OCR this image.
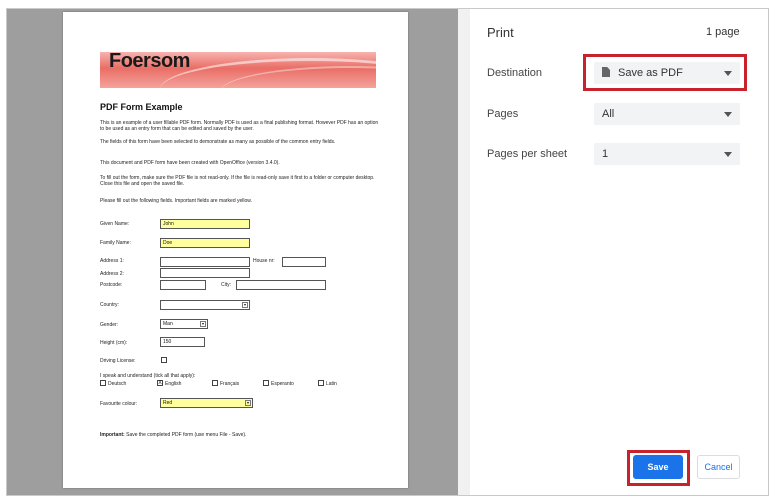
Foersom
PDF Form Example
This is an example of a user fillable PDF form. Normally PDF is used as a final publishing format. However PDF has an option to be used as an entry form that can be edited and saved by the user.
The fields of this form have been selected to demonstrate as many as possible of the common entry fields.
This document and PDF form have been created with OpenOffice (version 3.4.0).
To fill out the form, make sure the PDF file is not read-only. If the file is read-only save it first to a folder or computer desktop. Close this file and open the saved file.
Please fill out the following fields. Important fields are marked yellow.
Given Name:	John
Family Name:	Doe
Address 1:	House nr:
Address 2:
Postcode:	City:
Country:	▾
Gender:	Man	▾
Height (cm):	150
Driving License:
I speak and understand (tick all that apply):
Deutsch	X English	Français	Esperanto	Latin
Favourite colour:	Red	▾
Important: Save the completed PDF form (use menu File - Save).
Print	1 page
Destination	Save as PDF
Pages	All
Pages per sheet	1
Save	Cancel
